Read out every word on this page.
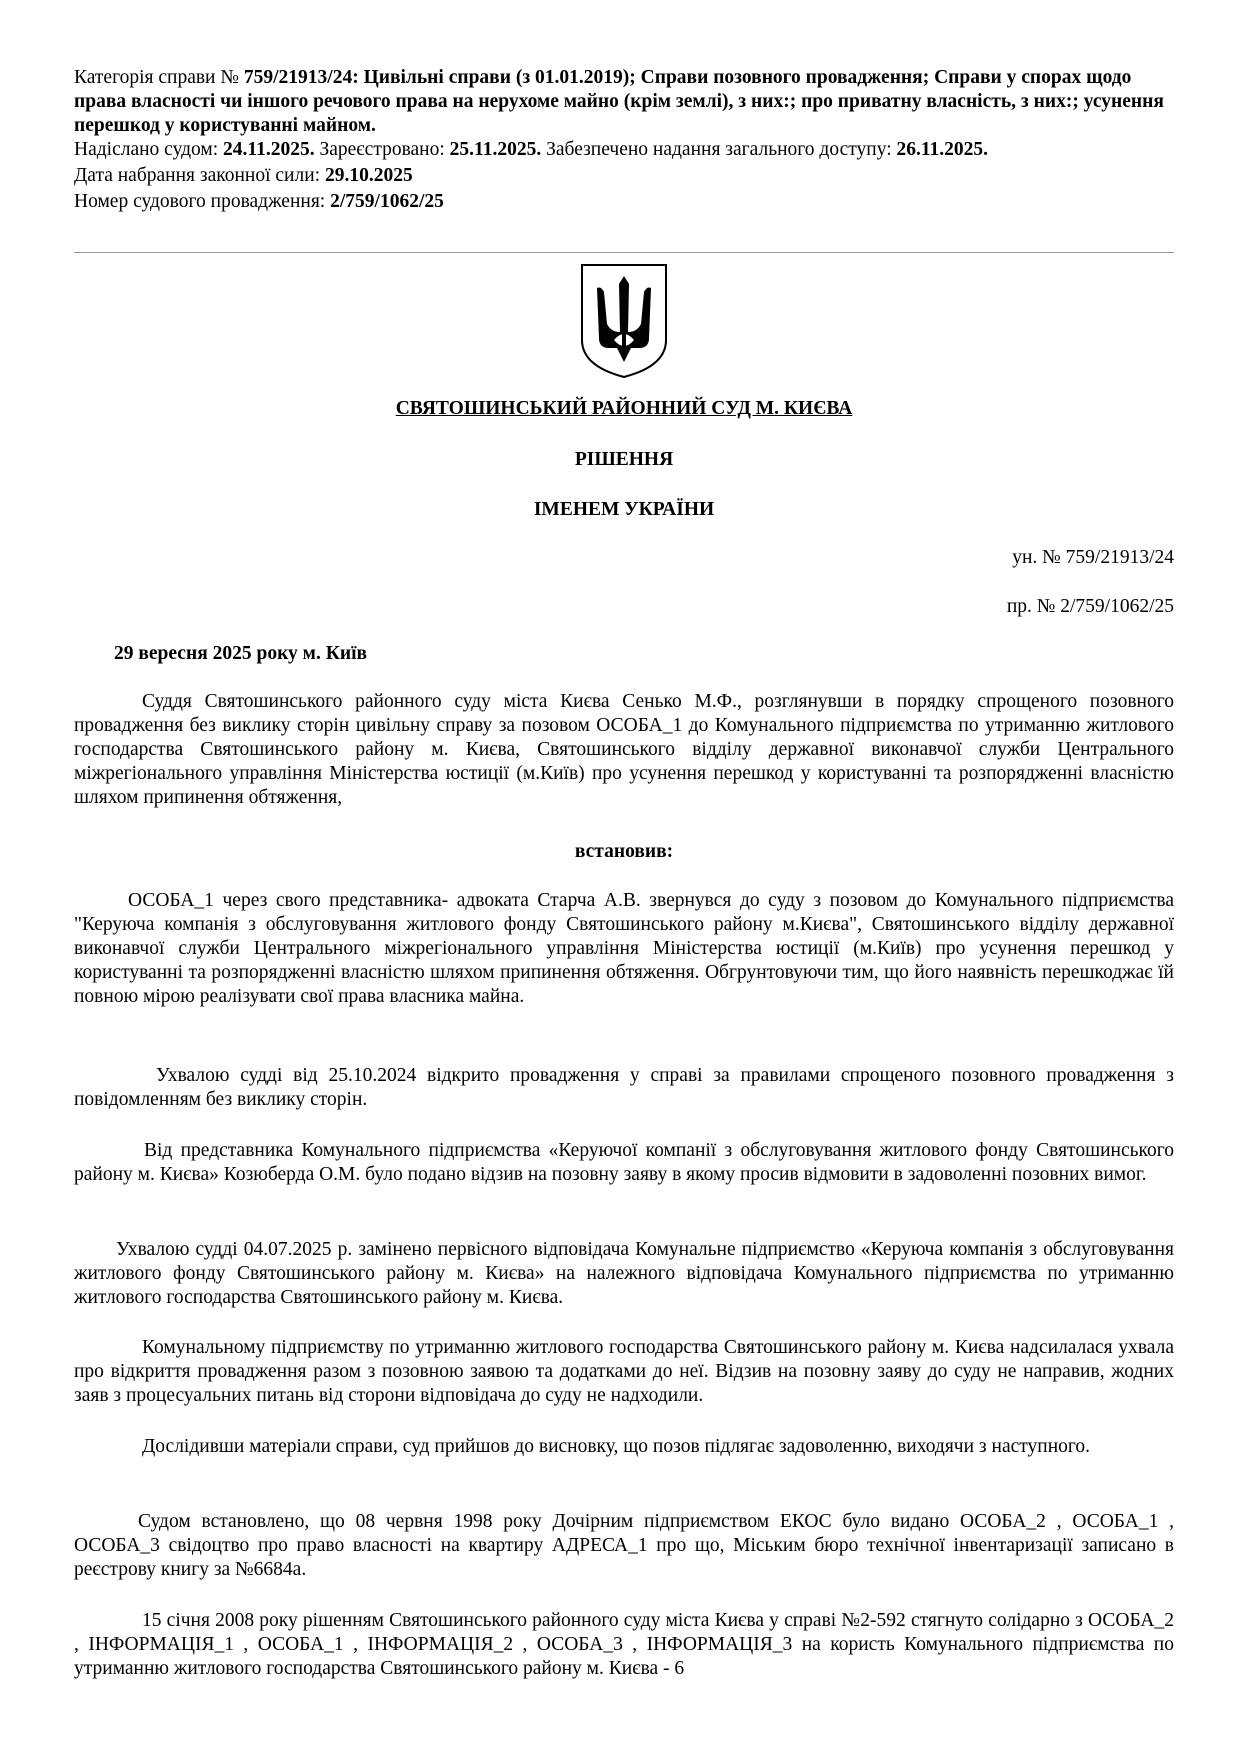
Категорія справи № 759/21913/24: Цивільні справи (з 01.01.2019); Справи позовного провадження; Справи у спорах щодо права власності чи іншого речового права на нерухоме майно (крім землі), з них:; про приватну власність, з них:; усунення перешкод у користуванні майном.
Надіслано судом: 24.11.2025. Зареєстровано: 25.11.2025. Забезпечено надання загального доступу: 26.11.2025.
Дата набрання законної сили: 29.10.2025
Номер судового провадження: 2/759/1062/25
СВЯТОШИНСЬКИЙ РАЙОННИЙ СУД М. КИЄВА
РІШЕННЯ
ІМЕНЕМ УКРАЇНИ
ун. № 759/21913/24
пр. № 2/759/1062/25
29 вересня 2025 року м. Київ
Суддя Святошинського районного суду міста Києва Сенько М.Ф., розглянувши в порядку спрощеного позовного провадження без виклику сторін цивільну справу за позовом ОСОБА_1 до Комунального підприємства по утриманню житлового господарства Святошинського району м. Києва, Святошинського відділу державної виконавчої служби Центрального міжрегіонального управління Міністерства юстиції (м.Київ) про усунення перешкод у користуванні та розпорядженні власністю шляхом припинення обтяження,
встановив:
ОСОБА_1 через свого представника- адвоката Старча А.В. звернувся до суду з позовом до Комунального підприємства "Керуюча компанія з обслуговування житлового фонду Святошинського району м.Києва", Святошинського відділу державної виконавчої служби Центрального міжрегіонального управління Міністерства юстиції (м.Київ) про усунення перешкод у користуванні та розпорядженні власністю шляхом припинення обтяження. Обгрунтовуючи тим, що його наявність перешкоджає їй повною мірою реалізувати свої права власника майна.
Ухвалою судді від 25.10.2024 відкрито провадження у справі за правилами спрощеного позовного провадження з повідомленням без виклику сторін.
Від представника Комунального підприємства «Керуючої компанії з обслуговування житлового фонду Святошинського району м. Києва» Козюберда О.М. було подано відзив на позовну заяву в якому просив відмовити в задоволенні позовних вимог.
Ухвалою судді 04.07.2025 р. замінено первісного відповідача Комунальне підприємство «Керуюча компанія з обслуговування житлового фонду Святошинського району м. Києва» на належного відповідача Комунального підприємства по утриманню житлового господарства Святошинського району м. Києва.
Комунальному підприємству по утриманню житлового господарства Святошинського району м. Києва надсилалася ухвала про відкриття провадження разом з позовною заявою та додатками до неї. Відзив на позовну заяву до суду не направив, жодних заяв з процесуальних питань від сторони відповідача до суду не надходили.
Дослідивши матеріали справи, суд прийшов до висновку, що позов підлягає задоволенню, виходячи з наступного.
Судом встановлено, що 08 червня 1998 року Дочірним підприємством ЕКОС було видано ОСОБА_2 , ОСОБА_1 , ОСОБА_3 свідоцтво про право власності на квартиру АДРЕСА_1 про що, Міським бюро технічної інвентаризації записано в реєстрову книгу за №6684а.
15 січня 2008 року рішенням Святошинського районного суду міста Києва у справі №2-592 стягнуто солідарно з ОСОБА_2 , ІНФОРМАЦІЯ_1 , ОСОБА_1 , ІНФОРМАЦІЯ_2 , ОСОБА_3 , ІНФОРМАЦІЯ_3 на користь Комунального підприємства по утриманню житлового господарства Святошинського району м. Києва - 6
